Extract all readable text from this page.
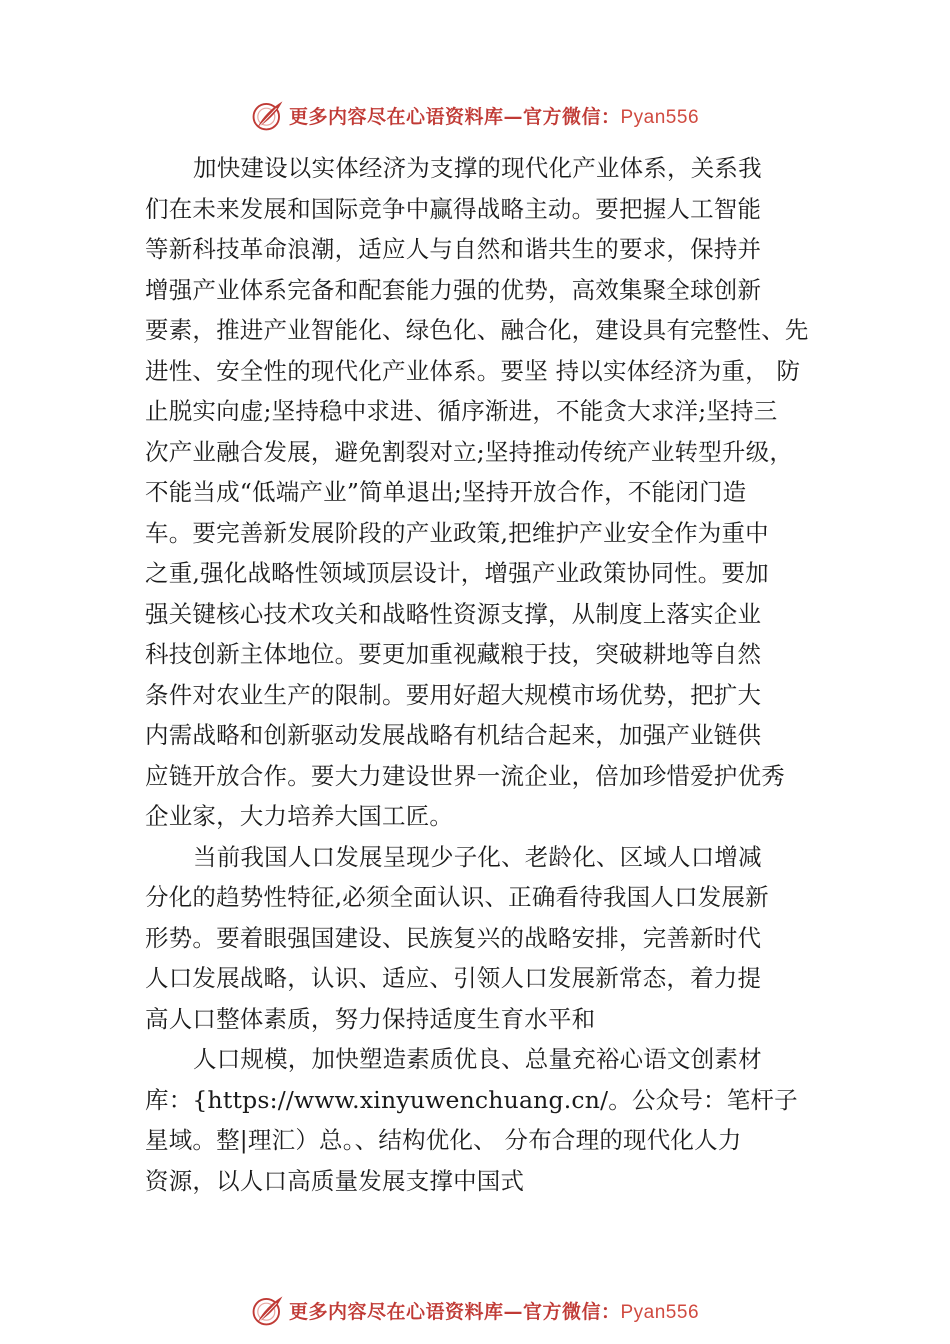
更多内容尽在心语资料库—官方微信：Pyan556
加快建设以实体经济为支撑的现代化产业体系，关系我
们在未来发展和国际竞争中赢得战略主动。要把握人工智能
等新科技革命浪潮，适应人与自然和谐共生的要求，保持并
增强产业体系完备和配套能力强的优势，高效集聚全球创新
要素，推进产业智能化、绿色化、融合化，建设具有完整性、先
进性、安全性的现代化产业体系。要坚 持以实体经济为重， 防
止脱实向虚;坚持稳中求进、循序渐进，不能贪大求洋;坚持三
次产业融合发展，避免割裂对立;坚持推动传统产业转型升级，
不能当成“低端产业”简单退出;坚持开放合作，不能闭门造
车。要完善新发展阶段的产业政策,把维护产业安全作为重中
之重,强化战略性领域顶层设计，增强产业政策协同性。要加
强关键核心技术攻关和战略性资源支撑，从制度上落实企业
科技创新主体地位。要更加重视藏粮于技，突破耕地等自然
条件对农业生产的限制。要用好超大规模市场优势，把扩大
内需战略和创新驱动发展战略有机结合起来，加强产业链供
应链开放合作。要大力建设世界一流企业，倍加珍惜爱护优秀
企业家，大力培养大国工匠。
当前我国人口发展呈现少子化、老龄化、区域人口增减
分化的趋势性特征,必须全面认识、正确看待我国人口发展新
形势。要着眼强国建设、民族复兴的战略安排，完善新时代
人口发展战略，认识、适应、引领人口发展新常态，着力提
高人口整体素质，努力保持适度生育水平和
人口规模，加快塑造素质优良、总量充裕心语文创素材
库：{https://www.xinyuwenchuang.cn/。公众号：笔杆子
星域。整|理汇）总。、结构优化、 分布合理的现代化人力
资源，以人口高质量发展支撑中国式
更多内容尽在心语资料库—官方微信：Pyan556
